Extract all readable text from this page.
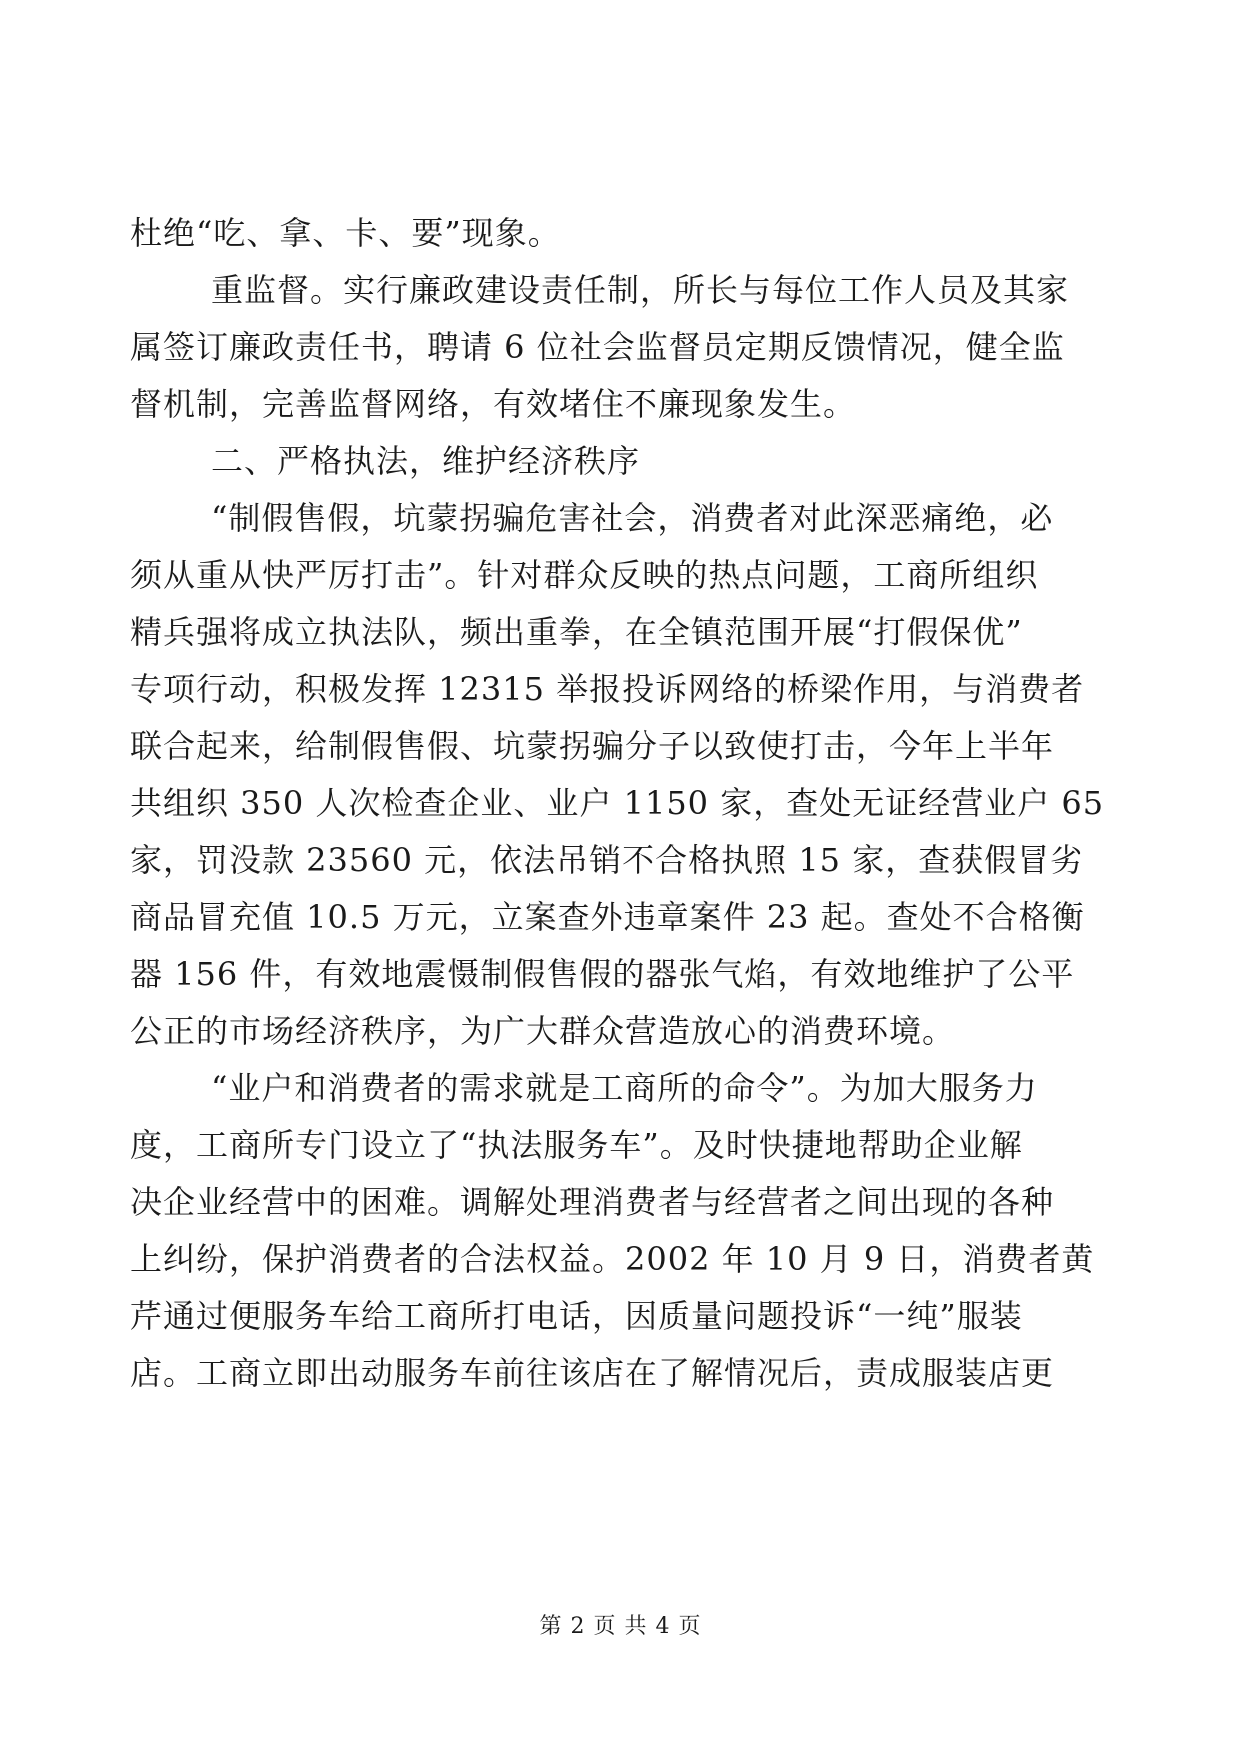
杜绝“吃、拿、卡、要”现象。
重监督。实行廉政建设责任制，所长与每位工作人员及其家
属签订廉政责任书，聘请 6 位社会监督员定期反馈情况，健全监
督机制，完善监督网络，有效堵住不廉现象发生。
二、严格执法，维护经济秩序
“制假售假，坑蒙拐骗危害社会，消费者对此深恶痛绝，必
须从重从快严厉打击”。针对群众反映的热点问题，工商所组织
精兵强将成立执法队，频出重拳，在全镇范围开展“打假保优”
专项行动，积极发挥 12315 举报投诉网络的桥梁作用，与消费者
联合起来，给制假售假、坑蒙拐骗分子以致使打击，今年上半年
共组织 350 人次检查企业、业户 1150 家，查处无证经营业户 65
家，罚没款 23560 元，依法吊销不合格执照 15 家，查获假冒劣
商品冒充值 10.5 万元，立案查外违章案件 23 起。查处不合格衡
器 156 件，有效地震慑制假售假的器张气焰，有效地维护了公平
公正的市场经济秩序，为广大群众营造放心的消费环境。
“业户和消费者的需求就是工商所的命令”。为加大服务力
度，工商所专门设立了“执法服务车”。及时快捷地帮助企业解
决企业经营中的困难。调解处理消费者与经营者之间出现的各种
上纠纷，保护消费者的合法权益。2002 年 10 月 9 日，消费者黄
芹通过便服务车给工商所打电话，因质量问题投诉“一纯”服装
店。工商立即出动服务车前往该店在了解情况后，责成服装店更
第 2 页 共 4 页
